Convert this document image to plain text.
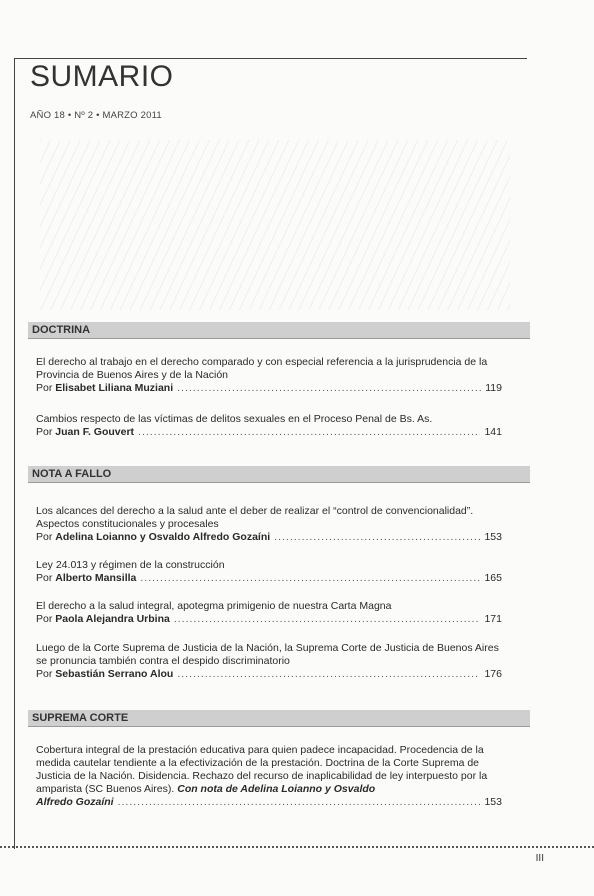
SUMARIO
AÑO 18 • Nº 2 • MARZO 2011
DOCTRINA
El derecho al trabajo en el derecho comparado y con especial referencia a la jurisprudencia de la Provincia de Buenos Aires y de la Nación
Por
Elisabet Liliana Muziani .....	119
Cambios respecto de las víctimas de delitos sexuales en el Proceso Penal de Bs. As.
Por
Juan F. Gouvert .....	141
NOTA A FALLO
Los alcances del derecho a la salud ante el deber de realizar el “control de convencionalidad”. Aspectos constitucionales y procesales
Por
Adelina Loianno y Osvaldo Alfredo Gozaíni .....	153
Ley 24.013 y régimen de la construcción
Por
Alberto Mansilla .....	165
El derecho a la salud integral, apotegma primigenio de nuestra Carta Magna
Por
Paola Alejandra Urbina .....	171
Luego de la Corte Suprema de Justicia de la Nación, la Suprema Corte de Justicia de Buenos Aires se pronuncia también contra el despido discriminatorio
Por
Sebastián Serrano Alou .....	176
SUPREMA CORTE
Cobertura integral de la prestación educativa para quien padece incapacidad. Procedencia de la medida cautelar tendiente a la efectivización de la prestación. Doctrina de la Corte Suprema de Justicia de la Nación. Disidencia. Rechazo del recurso de inaplicabilidad de ley interpuesto por la amparista (SC Buenos Aires). Con nota de Adelina Loianno y Osvaldo
Alfredo Gozaíni .....	153
III
